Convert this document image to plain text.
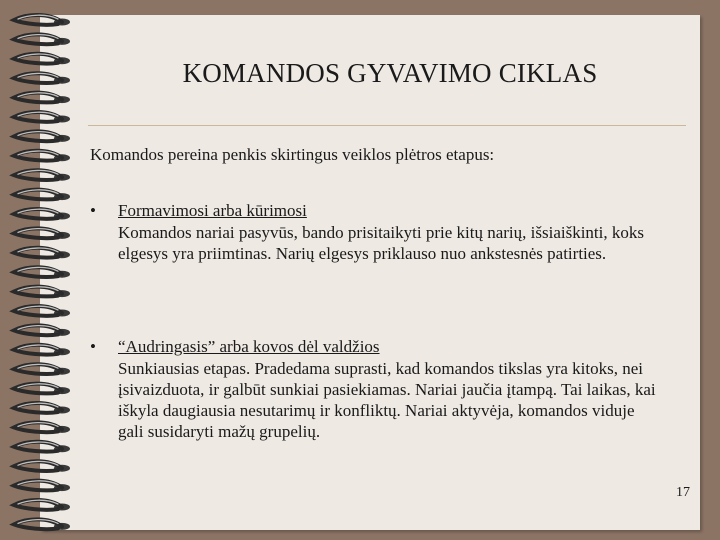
KOMANDOS GYVAVIMO CIKLAS
Komandos pereina penkis skirtingus veiklos plėtros etapus:
• Formavimosi arba kūrimosi
Komandos nariai pasyvūs, bando prisitaikyti prie kitų narių, išsiaiškinti, koks elgesys yra priimtinas. Narių elgesys priklauso nuo ankstesnės patirties.
• “Audringasis” arba kovos dėl valdžios
Sunkiausias etapas. Pradedama suprasti, kad komandos tikslas yra kitoks, nei įsivaizduota, ir galbūt sunkiai pasiekiamas. Nariai jaučia įtampą. Tai laikas, kai iškyla daugiausia nesutarimų ir konfliktų. Nariai aktyvėja, komandos viduje gali susidaryti mažų grupelių.
17
